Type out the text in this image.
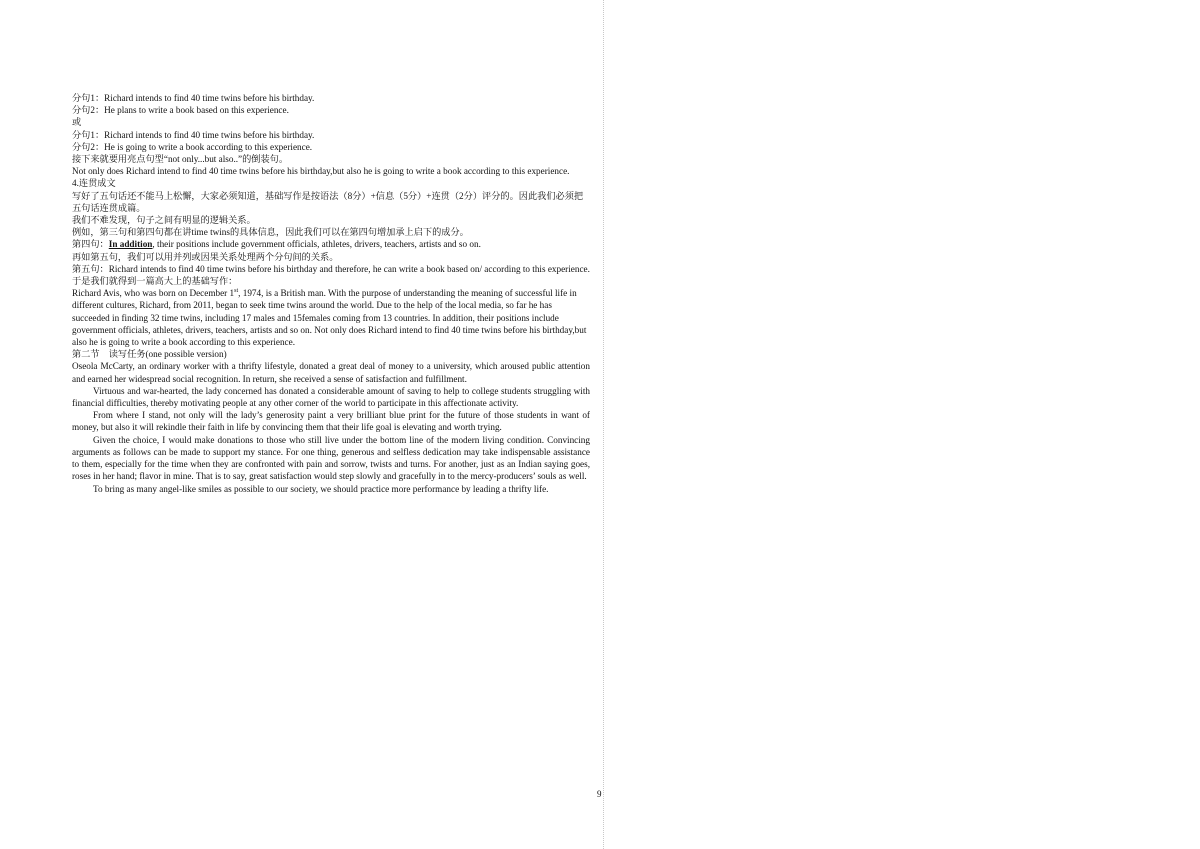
分句1：Richard intends to find 40 time twins before his birthday.

分句2：He plans to write a book based on this experience.

或

分句1：Richard intends to find 40 time twins before his birthday.

分句2：He is going to write a book according to this experience.

接下来就要用亮点句型“not only...but also..”的倒装句。

Not only does Richard intend to find 40 time twins before his birthday,but also he is going to write a book according to this experience.

4.连贯成文

写好了五句话还不能马上松懈，大家必须知道，基础写作是按语法（8分）+信息（5分）+连贯（2分）评分的。因此我们必须把五句话连贯成篇。

我们不难发现，句子之间有明显的逻辑关系。

例如，第三句和第四句都在讲time twins的具体信息，因此我们可以在第四句增加承上启下的成分。

第四句：In addition, their positions include government officials, athletes, drivers, teachers, artists and so on.

再如第五句，我们可以用并列或因果关系处理两个分句间的关系。

第五句：Richard intends to find 40 time twins before his birthday and therefore, he can write a book based on/ according to this experience.

于是我们就得到一篇高大上的基础写作：

Richard Avis, who was born on December 1st, 1974, is a British man. With the purpose of understanding the meaning of successful life in different cultures, Richard, from 2011, began to seek time twins around the world. Due to the help of the local media, so far he has succeeded in finding 32 time twins, including 17 males and 15females coming from 13 countries. In addition, their positions include government officials, athletes, drivers, teachers, artists and so on. Not only does Richard intend to find 40 time twins before his birthday,but also he is going to write a book according to this experience.

第二节　读写任务(one possible version)

Oseola McCarty, an ordinary worker with a thrifty lifestyle, donated a great deal of money to a university, which aroused public attention and earned her widespread social recognition. In return, she received a sense of satisfaction and fulfillment.

Virtuous and war-hearted, the lady concerned has donated a considerable amount of saving to help to college students struggling with financial difficulties, thereby motivating people at any other corner of the world to participate in this affectionate activity.

From where I stand, not only will the lady’s generosity paint a very brilliant blue print for the future of those students in want of money, but also it will rekindle their faith in life by convincing them that their life goal is elevating and worth trying.

Given the choice, I would make donations to those who still live under the bottom line of the modern living condition. Convincing arguments as follows can be made to support my stance. For one thing, generous and selfless dedication may take indispensable assistance to them, especially for the time when they are confronted with pain and sorrow, twists and turns. For another, just as an Indian saying goes, roses in her hand; flavor in mine. That is to say, great satisfaction would step slowly and gracefully in to the mercy-producers’ souls as well.

To bring as many angel-like smiles as possible to our society, we should practice more performance by leading a thrifty life.

9
